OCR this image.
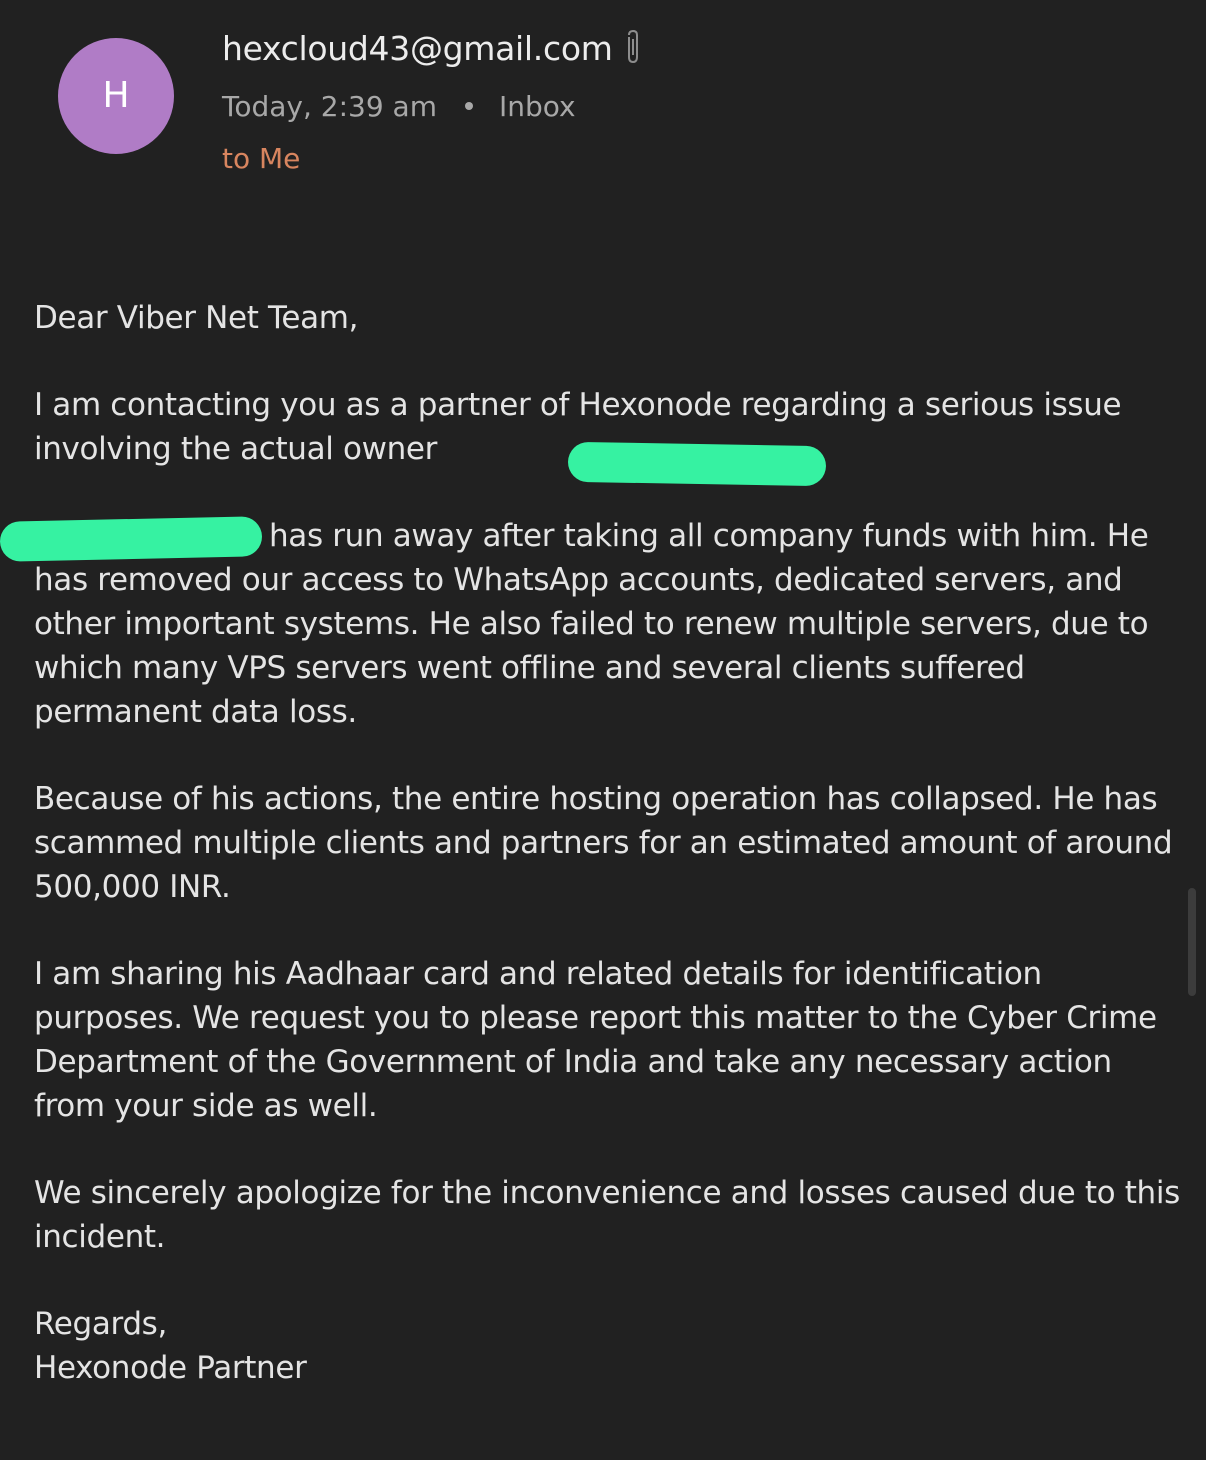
H
hexcloud43@gmail.com
Today, 2:39 am Inbox
to Me

Dear Viber Net Team,

I am contacting you as a partner of Hexonode regarding a serious issue involving the actual owner

has run away after taking all company funds with him. He has removed our access to WhatsApp accounts, dedicated servers, and other important systems. He also failed to renew multiple servers, due to which many VPS servers went offline and several clients suffered permanent data loss.

Because of his actions, the entire hosting operation has collapsed. He has scammed multiple clients and partners for an estimated amount of around 500,000 INR.

I am sharing his Aadhaar card and related details for identification purposes. We request you to please report this matter to the Cyber Crime Department of the Government of India and take any necessary action from your side as well.

We sincerely apologize for the inconvenience and losses caused due to this incident.

Regards,
Hexonode Partner
